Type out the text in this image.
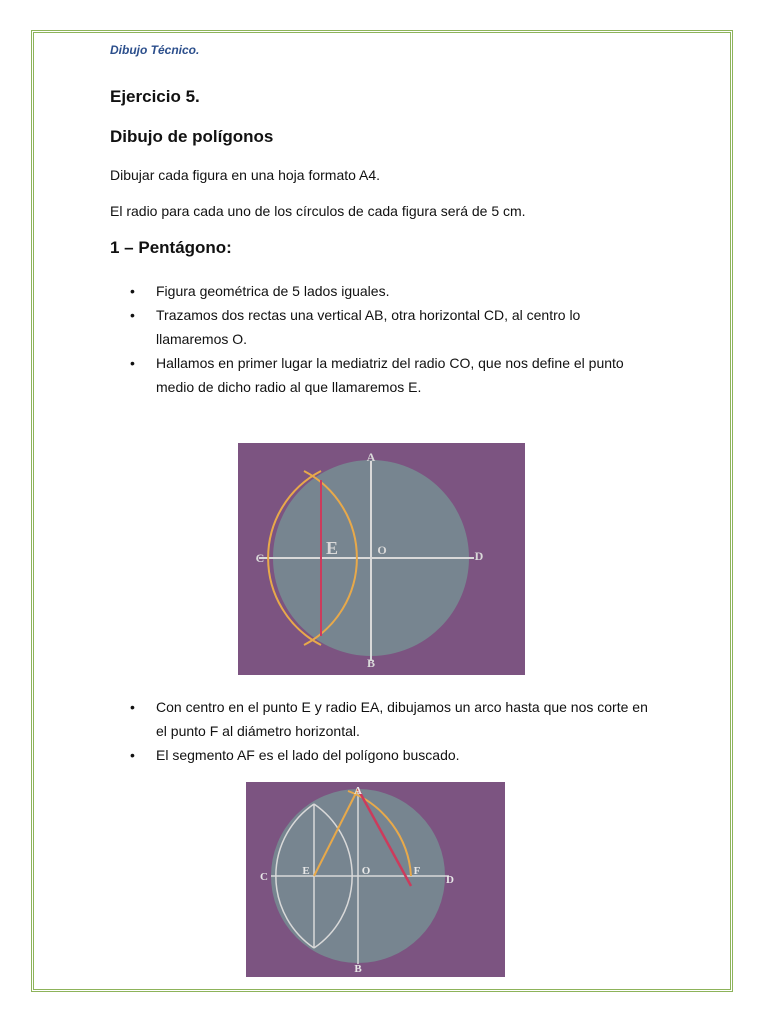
Dibujo Técnico.
Ejercicio 5.
Dibujo de polígonos
Dibujar cada figura en una hoja formato A4.
El radio para cada uno de los círculos de cada figura será de 5 cm.
1 – Pentágono:
• Figura geométrica de 5 lados iguales.
• Trazamos dos rectas una vertical AB, otra horizontal CD, al centro lo llamaremos O.
• Hallamos en primer lugar la mediatriz del radio CO, que nos define el punto medio de dicho radio al que llamaremos E.
A
B
C	D
E	O
• Con centro en el punto E y radio EA, dibujamos un arco hasta que nos corte en el punto F al diámetro horizontal.
• El segmento AF es el lado del polígono buscado.
A
B
C	D
E	O	F
